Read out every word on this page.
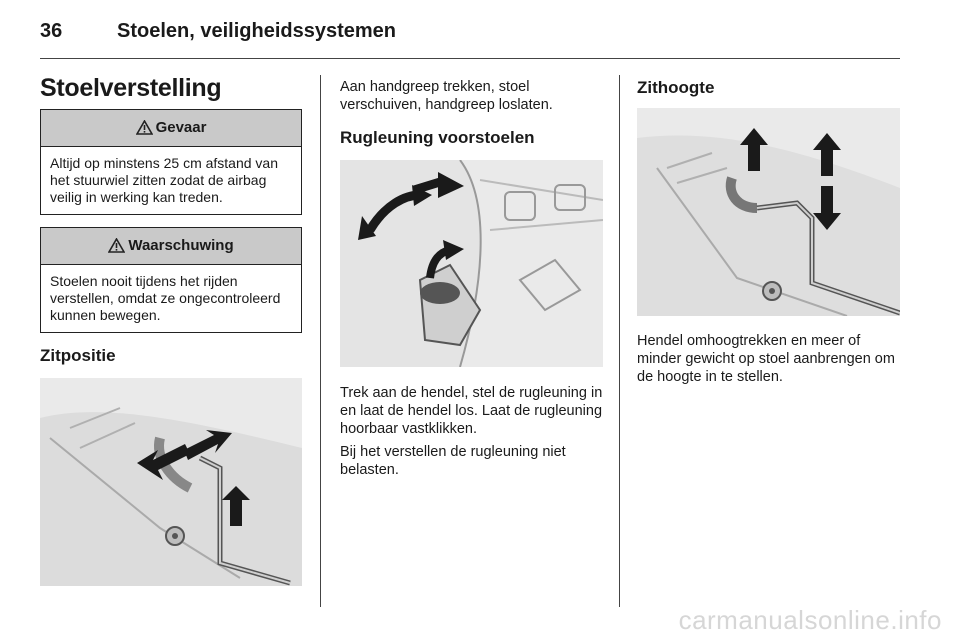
36	Stoelen, veiligheidssystemen
Stoelverstelling
Gevaar
Altijd op minstens 25 cm afstand van het stuurwiel zitten zodat de airbag veilig in werking kan treden.
Waarschuwing
Stoelen nooit tijdens het rijden verstellen, omdat ze ongecontroleerd kunnen bewegen.
Zitpositie
Aan handgreep trekken, stoel verschuiven, handgreep loslaten.
Rugleuning voorstoelen
Trek aan de hendel, stel de rugleuning in en laat de hendel los. Laat de rugleuning hoorbaar vastklikken.
Bij het verstellen de rugleuning niet belasten.
Zithoogte
Hendel omhoogtrekken en meer of minder gewicht op stoel aanbrengen om de hoogte in te stellen.
carmanualsonline.info
